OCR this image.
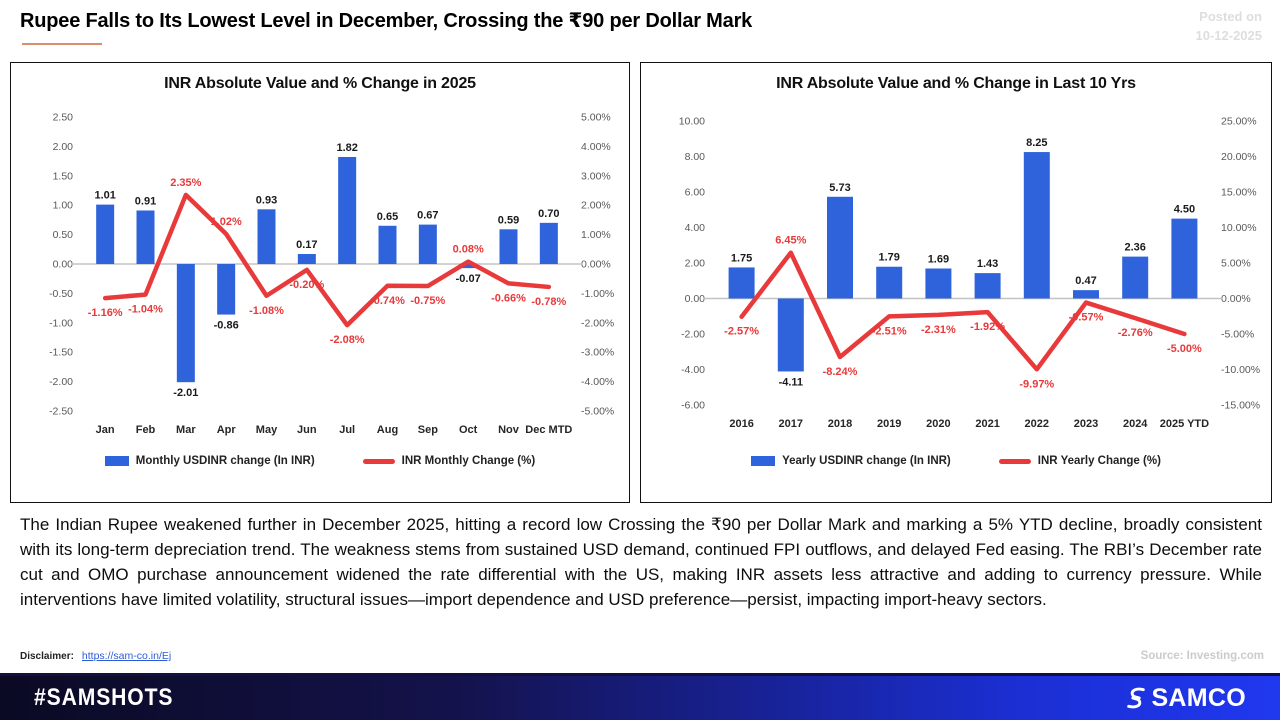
Rupee Falls to Its Lowest Level in December, Crossing the ₹90 per Dollar Mark	Posted on
10-12-2025
INR Absolute Value and % Change in 2025
2.50
2.00
1.50
1.00
0.50
0.00
-0.50
-1.00
-1.50
-2.00
-2.50
5.00%
4.00%
3.00%
2.00%
1.00%
0.00%
-1.00%
-2.00%
-3.00%
-4.00%
-5.00%
1.01
Jan
0.91
Feb
-2.01
Mar
-0.86
Apr
0.93
May
0.17
Jun
1.82
Jul
0.65
Aug
0.67
Sep
-0.07
Oct
0.59
Nov
0.70
Dec MTD
-1.16% -1.04%
2.35%
1.02%
-1.08%
-0.20%
-2.08%
-0.74% -0.75%
0.08%
-0.66% -0.78%
Monthly USDINR change (In INR)	INR Monthly Change (%)
INR Absolute Value and % Change in Last 10 Yrs
10.00
8.00
6.00
4.00
2.00
0.00
-2.00
-4.00
-6.00
25.00%
20.00%
15.00%
10.00%
5.00%
0.00%
-5.00%
-10.00%
-15.00%
1.75
2016
-4.11
2017
5.73
2018
1.79
2019
1.69
2020
1.43
2021
8.25
2022
0.47
2023
2.36
2024
4.50
2025 YTD
-2.57%
6.45%
-8.24%
-2.51% -2.31% -1.92%
-9.97%
-0.57%
-2.76%
-5.00%
Yearly USDINR change (In INR)	INR Yearly Change (%)
The Indian Rupee weakened further in December 2025, hitting a record low Crossing the ₹90 per Dollar Mark and marking a 5% YTD decline, broadly consistent with its long-term depreciation trend. The weakness stems from sustained USD demand, continued FPI outflows, and delayed Fed easing. The RBI’s December rate cut and OMO purchase announcement widened the rate differential with the US, making INR assets less attractive and adding to currency pressure. While interventions have limited volatility, structural issues—import dependence and USD preference—persist, impacting import-heavy sectors.
Disclaimer: https://sam-co.in/Ej	Source: Investing.com
#SAMSHOTS	SAMCO
